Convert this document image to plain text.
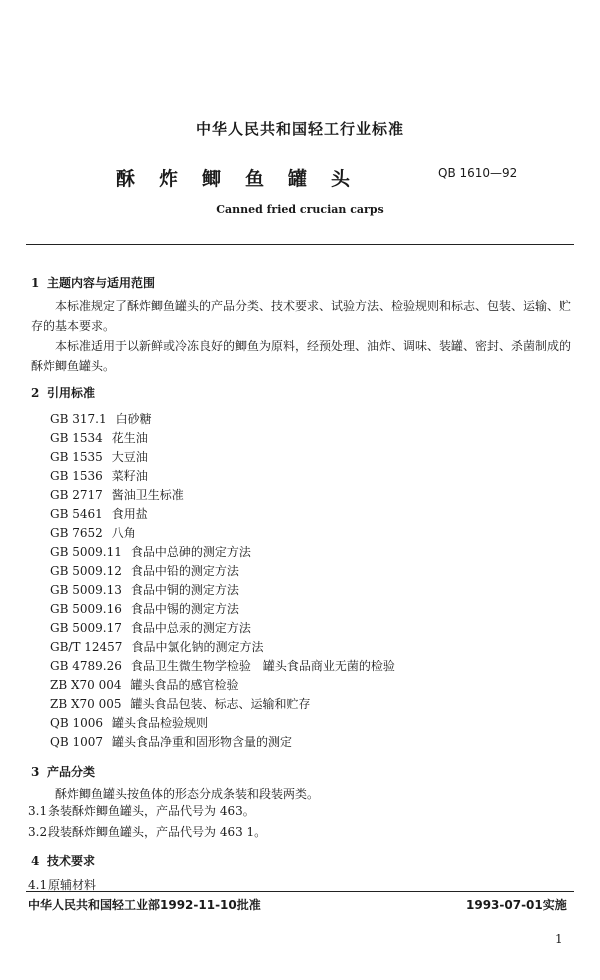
中华人民共和国轻工行业标准
酥炸鲫鱼罐头	QB 1610—92
Canned fried crucian carps
1 主题内容与适用范围
本标准规定了酥炸鲫鱼罐头的产品分类、技术要求、试验方法、检验规则和标志、包装、运输、贮存的基本要求。
本标准适用于以新鲜或冷冻良好的鲫鱼为原料，经预处理、油炸、调味、装罐、密封、杀菌制成的酥炸鲫鱼罐头。
2 引用标准
GB 317.1 白砂糖
GB 1534 花生油
GB 1535 大豆油
GB 1536 菜籽油
GB 2717 酱油卫生标准
GB 5461 食用盐
GB 7652 八角
GB 5009.11 食品中总砷的测定方法
GB 5009.12 食品中铅的测定方法
GB 5009.13 食品中铜的测定方法
GB 5009.16 食品中锡的测定方法
GB 5009.17 食品中总汞的测定方法
GB/T 12457 食品中氯化钠的测定方法
GB 4789.26 食品卫生微生物学检验　罐头食品商业无菌的检验
ZB X70 004 罐头食品的感官检验
ZB X70 005 罐头食品包装、标志、运输和贮存
QB 1006 罐头食品检验规则
QB 1007 罐头食品净重和固形物含量的测定
3 产品分类
酥炸鲫鱼罐头按鱼体的形态分成条装和段装两类。
3.1条装酥炸鲫鱼罐头，产品代号为 463。
3.2段装酥炸鲫鱼罐头，产品代号为 463 1。
4 技术要求
4.1原辅材料
中华人民共和国轻工业部1992-11-10批准	1993-07-01实施
1
